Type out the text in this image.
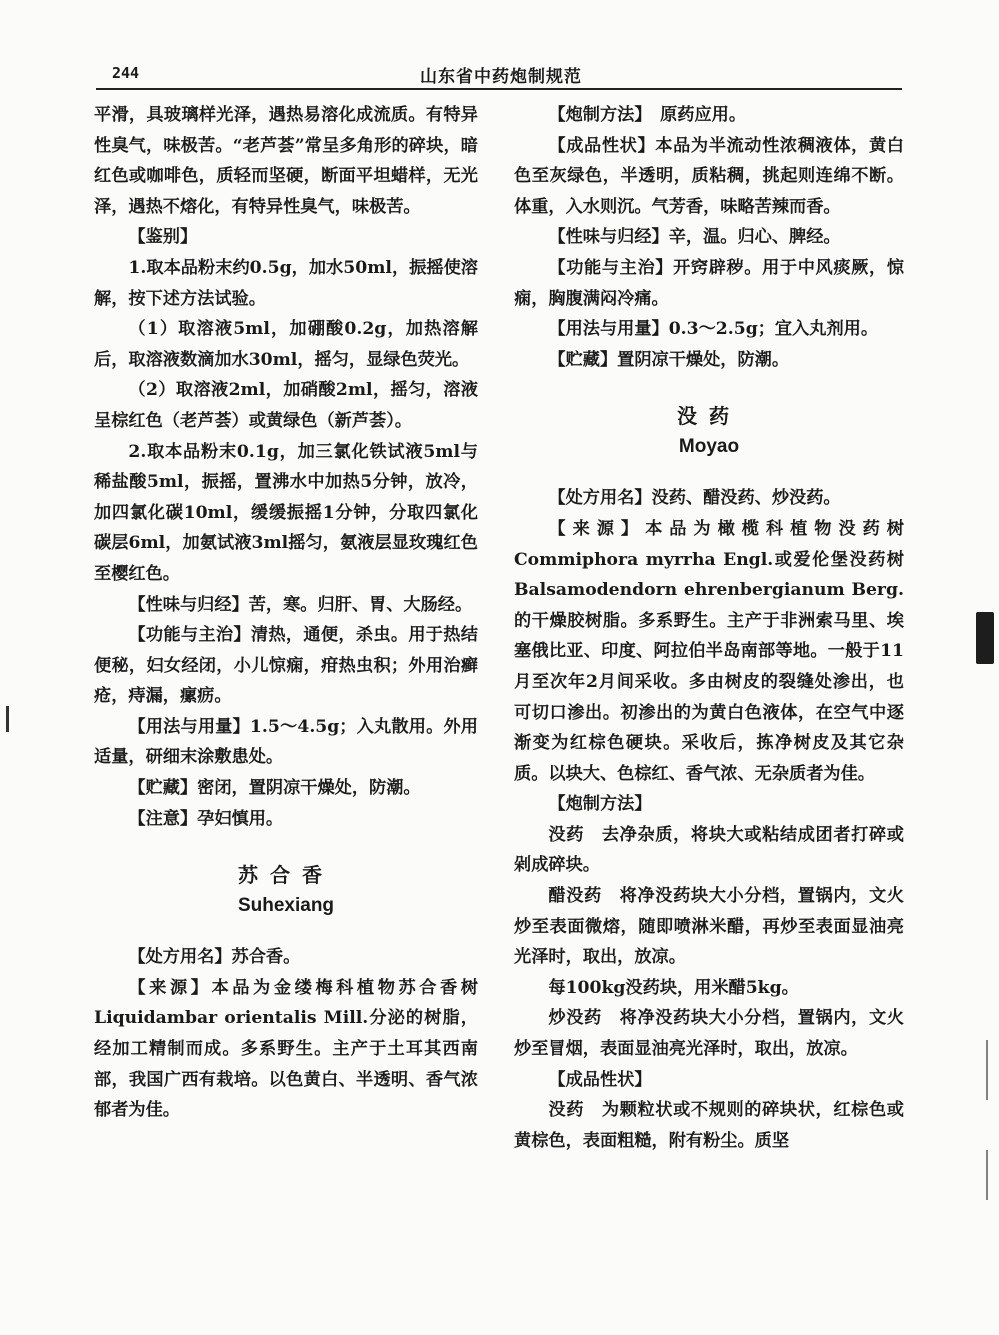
244	山东省中药炮制规范

平滑，具玻璃样光泽，遇热易溶化成流质。有特异性臭气，味极苦。“老芦荟”常呈多角形的碎块，暗红色或咖啡色，质轻而坚硬，断面平坦蜡样，无光泽，遇热不熔化，有特异性臭气，味极苦。

【鉴别】

1.取本品粉末约0.5g，加水50ml，振摇使溶解，按下述方法试验。

（1）取溶液5ml，加硼酸0.2g，加热溶解后，取溶液数滴加水30ml，摇匀，显绿色荧光。

（2）取溶液2ml，加硝酸2ml，摇匀，溶液呈棕红色（老芦荟）或黄绿色（新芦荟）。

2.取本品粉末0.1g，加三氯化铁试液5ml与稀盐酸5ml，振摇，置沸水中加热5分钟，放冷，加四氯化碳10ml，缓缓振摇1分钟，分取四氯化碳层6ml，加氨试液3ml摇匀，氨液层显玫瑰红色至樱红色。

【性味与归经】苦，寒。归肝、胃、大肠经。

【功能与主治】清热，通便，杀虫。用于热结便秘，妇女经闭，小儿惊痫，疳热虫积；外用治癣疮，痔漏，瘰疬。

【用法与用量】1.5～4.5g；入丸散用。外用适量，研细末涂敷患处。

【贮藏】密闭，置阴凉干燥处，防潮。

【注意】孕妇慎用。

苏合香
Suhexiang

【处方用名】苏合香。

【来源】本品为金缕梅科植物苏合香树Liquidambar orientalis Mill.分泌的树脂，经加工精制而成。多系野生。主产于土耳其西南部，我国广西有栽培。以色黄白、半透明、香气浓郁者为佳。

【炮制方法】　原药应用。

【成品性状】本品为半流动性浓稠液体，黄白色至灰绿色，半透明，质粘稠，挑起则连绵不断。体重，入水则沉。气芳香，味略苦辣而香。

【性味与归经】辛，温。归心、脾经。

【功能与主治】开窍辟秽。用于中风痰厥，惊痫，胸腹满闷冷痛。

【用法与用量】0.3～2.5g；宜入丸剂用。

【贮藏】置阴凉干燥处，防潮。

没药
Moyao

【处方用名】没药、醋没药、炒没药。

【来源】本品为橄榄科植物没药树Commiphora myrrha Engl.或爱伦堡没药树Balsamodendorn ehrenbergianum Berg.的干燥胶树脂。多系野生。主产于非洲索马里、埃塞俄比亚、印度、阿拉伯半岛南部等地。一般于11月至次年2月间采收。多由树皮的裂缝处渗出，也可切口渗出。初渗出的为黄白色液体，在空气中逐渐变为红棕色硬块。采收后，拣净树皮及其它杂质。以块大、色棕红、香气浓、无杂质者为佳。

【炮制方法】

没药　去净杂质，将块大或粘结成团者打碎或剁成碎块。

醋没药　将净没药块大小分档，置锅内，文火炒至表面微熔，随即喷淋米醋，再炒至表面显油亮光泽时，取出，放凉。

每100kg没药块，用米醋5kg。

炒没药　将净没药块大小分档，置锅内，文火炒至冒烟，表面显油亮光泽时，取出，放凉。

【成品性状】

没药　为颗粒状或不规则的碎块状，红棕色或黄棕色，表面粗糙，附有粉尘。质坚
